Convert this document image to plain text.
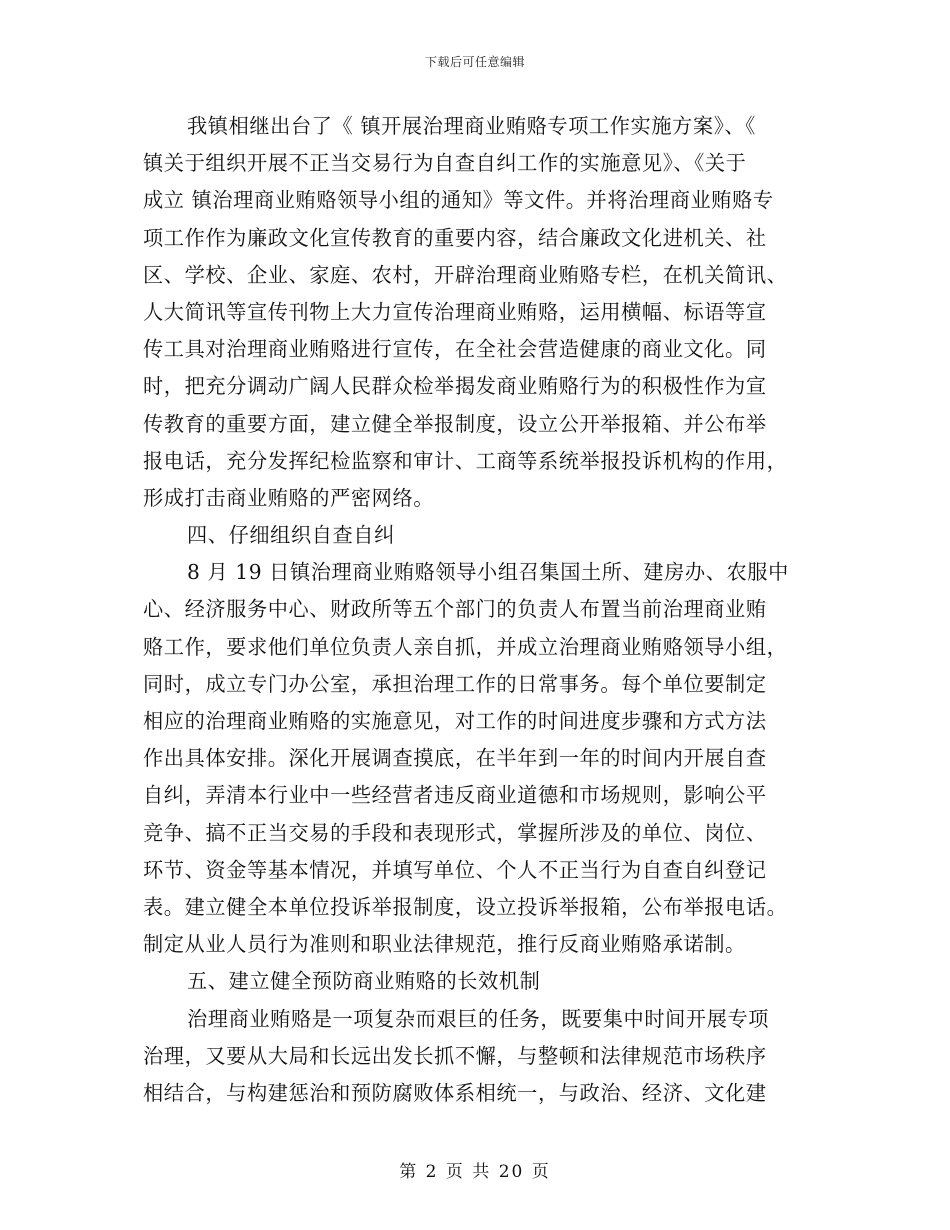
下载后可任意编辑
我镇相继出台了《 镇开展治理商业贿赂专项工作实施方案》、《
镇关于组织开展不正当交易行为自查自纠工作的实施意见》、《关于
成立 镇治理商业贿赂领导小组的通知》等文件。并将治理商业贿赂专
项工作作为廉政文化宣传教育的重要内容，结合廉政文化进机关、社
区、学校、企业、家庭、农村，开辟治理商业贿赂专栏，在机关简讯、
人大简讯等宣传刊物上大力宣传治理商业贿赂，运用横幅、标语等宣
传工具对治理商业贿赂进行宣传，在全社会营造健康的商业文化。同
时，把充分调动广阔人民群众检举揭发商业贿赂行为的积极性作为宣
传教育的重要方面，建立健全举报制度，设立公开举报箱、并公布举
报电话，充分发挥纪检监察和审计、工商等系统举报投诉机构的作用，
形成打击商业贿赂的严密网络。
四、仔细组织自查自纠
8 月 19 日镇治理商业贿赂领导小组召集国土所、建房办、农服中
心、经济服务中心、财政所等五个部门的负责人布置当前治理商业贿
赂工作，要求他们单位负责人亲自抓，并成立治理商业贿赂领导小组，
同时，成立专门办公室，承担治理工作的日常事务。每个单位要制定
相应的治理商业贿赂的实施意见，对工作的时间进度步骤和方式方法
作出具体安排。深化开展调查摸底，在半年到一年的时间内开展自查
自纠，弄清本行业中一些经营者违反商业道德和市场规则，影响公平
竞争、搞不正当交易的手段和表现形式，掌握所涉及的单位、岗位、
环节、资金等基本情况，并填写单位、个人不正当行为自查自纠登记
表。建立健全本单位投诉举报制度，设立投诉举报箱，公布举报电话。
制定从业人员行为准则和职业法律规范，推行反商业贿赂承诺制。
五、建立健全预防商业贿赂的长效机制
治理商业贿赂是一项复杂而艰巨的任务，既要集中时间开展专项
治理，又要从大局和长远出发长抓不懈，与整顿和法律规范市场秩序
相结合，与构建惩治和预防腐败体系相统一，与政治、经济、文化建
第 2 页 共 20 页
